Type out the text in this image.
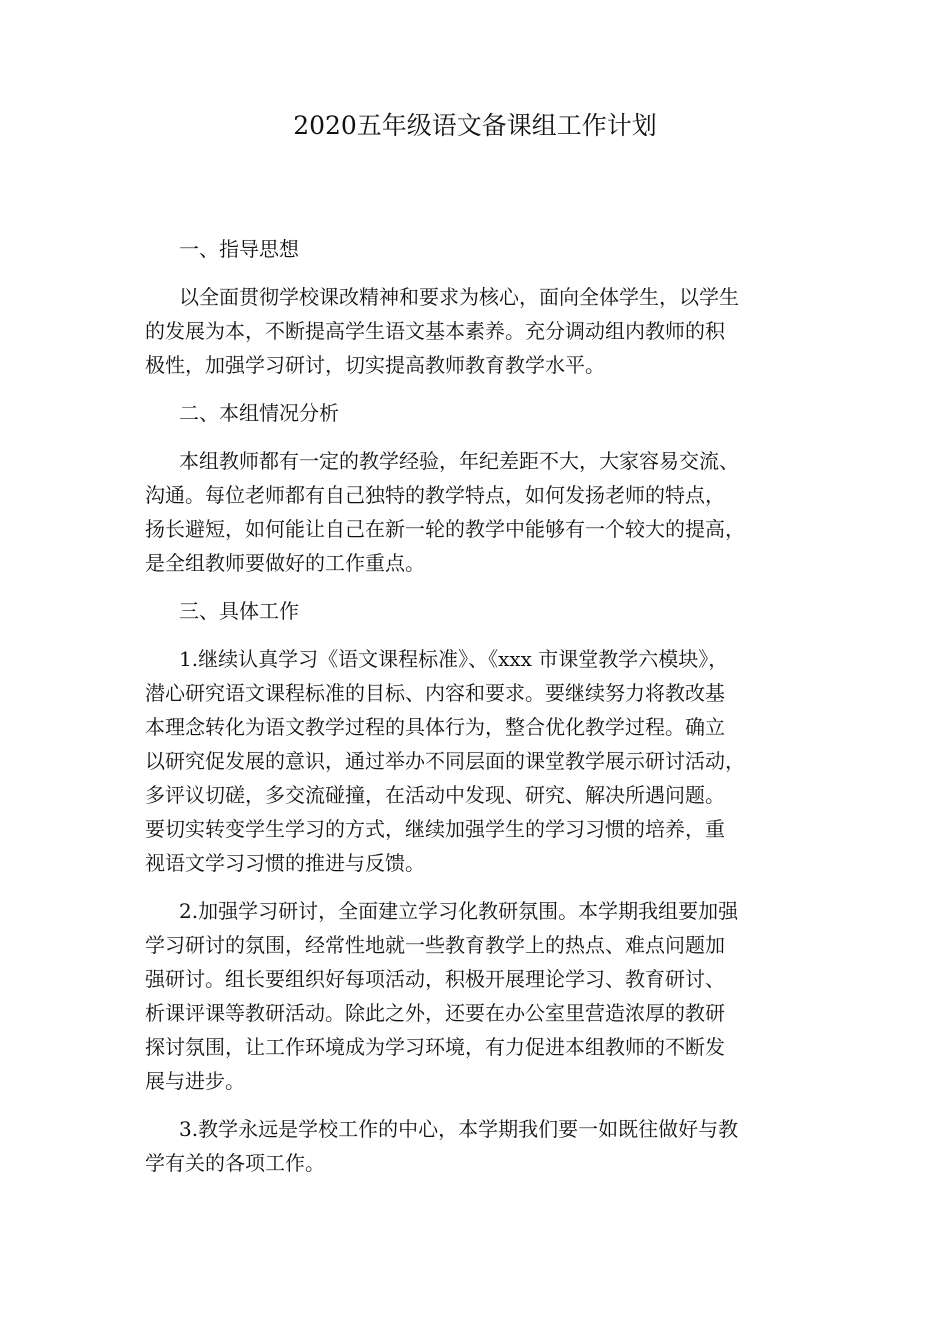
2020五年级语文备课组工作计划
一、指导思想
以全面贯彻学校课改精神和要求为核心，面向全体学生，以学生
的发展为本，不断提高学生语文基本素养。充分调动组内教师的积
极性，加强学习研讨，切实提高教师教育教学水平。
二、本组情况分析
本组教师都有一定的教学经验，年纪差距不大，大家容易交流、
沟通。每位老师都有自己独特的教学特点，如何发扬老师的特点，
扬长避短，如何能让自己在新一轮的教学中能够有一个较大的提高，
是全组教师要做好的工作重点。
三、具体工作
1.继续认真学习《语文课程标准》、《xxx 市课堂教学六模块》，
潜心研究语文课程标准的目标、内容和要求。要继续努力将教改基
本理念转化为语文教学过程的具体行为，整合优化教学过程。确立
以研究促发展的意识，通过举办不同层面的课堂教学展示研讨活动，
多评议切磋，多交流碰撞，在活动中发现、研究、解决所遇问题。
要切实转变学生学习的方式，继续加强学生的学习习惯的培养，重
视语文学习习惯的推进与反馈。
2.加强学习研讨，全面建立学习化教研氛围。本学期我组要加强
学习研讨的氛围，经常性地就一些教育教学上的热点、难点问题加
强研讨。组长要组织好每项活动，积极开展理论学习、教育研讨、
析课评课等教研活动。除此之外，还要在办公室里营造浓厚的教研
探讨氛围，让工作环境成为学习环境，有力促进本组教师的不断发
展与进步。
3.教学永远是学校工作的中心，本学期我们要一如既往做好与教
学有关的各项工作。
